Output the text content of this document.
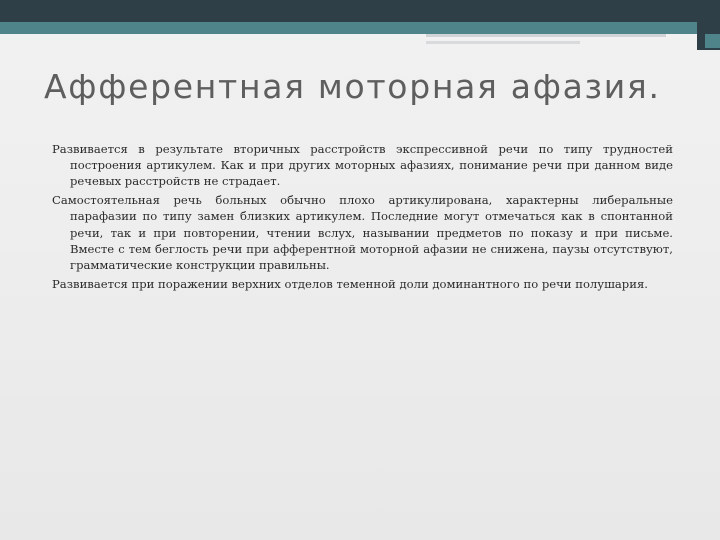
Афферентная моторная афазия.

Развивается в результате вторичных расстройств экспрессивной речи по типу трудностей построения артикулем. Как и при других моторных афазиях, понимание речи при данном виде речевых расстройств не страдает.

Самостоятельная речь больных обычно плохо артикулирована, характерны либеральные парафазии по типу замен близких артикулем. Последние могут отмечаться как в спонтанной речи, так и при повторении, чтении вслух, назывании предметов по показу и при письме. Вместе с тем беглость речи при афферентной моторной афазии не снижена, паузы отсутствуют, грамматические конструкции правильны.

Развивается при поражении верхних отделов теменной доли доминантного по речи полушария.
